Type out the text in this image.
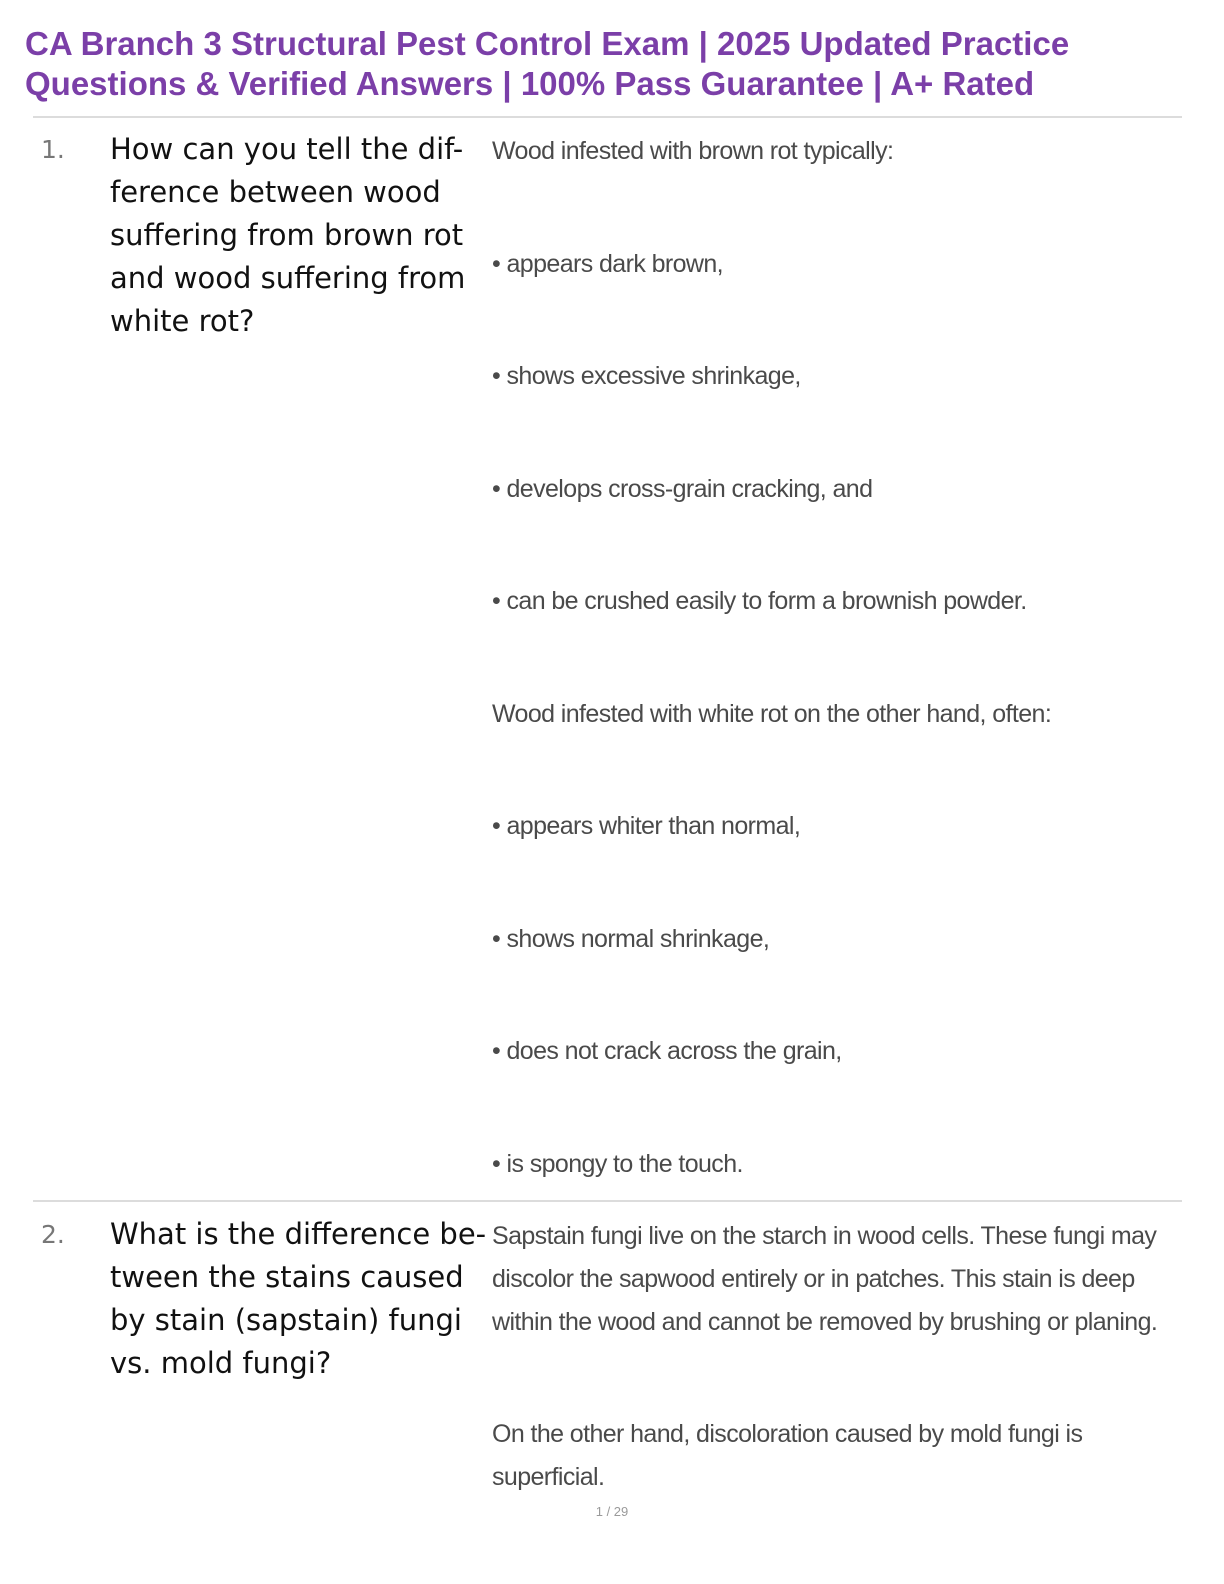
CA Branch 3 Structural Pest Control Exam | 2025 Updated Practice Questions & Verified Answers | 100% Pass Guarantee | A+ Rated
1. How can you tell the dif-ference between wood suffering from brown rot and wood suffering from white rot?

Wood infested with brown rot typically:
• appears dark brown,
• shows excessive shrinkage,
• develops cross-grain cracking, and
• can be crushed easily to form a brownish powder.
Wood infested with white rot on the other hand, often:
• appears whiter than normal,
• shows normal shrinkage,
• does not crack across the grain,
• is spongy to the touch.
2. What is the difference be-tween the stains caused by stain (sapstain) fungi vs. mold fungi?

Sapstain fungi live on the starch in wood cells. These fungi may discolor the sapwood entirely or in patches. This stain is deep within the wood and cannot be removed by brushing or planing.
On the other hand, discoloration caused by mold fungi is superficial.
1 / 29
